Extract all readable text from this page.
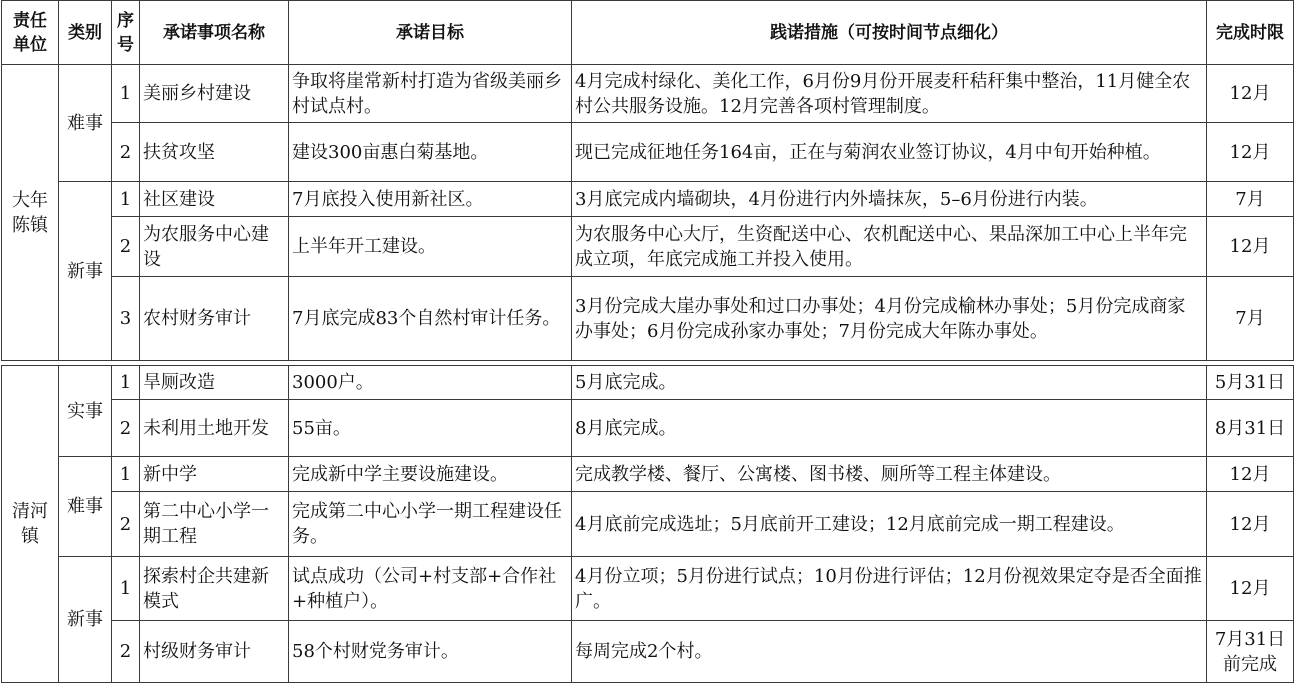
责任单位	类别	序号	承诺事项名称	承诺目标	践诺措施（可按时间节点细化）	完成时限
大年陈镇	难事	1	美丽乡村建设	争取将崖常新村打造为省级美丽乡村试点村。	4月完成村绿化、美化工作，6月份9月份开展麦秆秸秆集中整治，11月健全农村公共服务设施。12月完善各项村管理制度。	12月
		2	扶贫攻坚	建设300亩惠白菊基地。	现已完成征地任务164亩，正在与菊润农业签订协议，4月中旬开始种植。	12月
	新事	1	社区建设	7月底投入使用新社区。	3月底完成内墙砌块，4月份进行内外墙抹灰，5–6月份进行内装。	7月
		2	为农服务中心建设	上半年开工建设。	为农服务中心大厅，生资配送中心、农机配送中心、果品深加工中心上半年完成立项，年底完成施工并投入使用。	12月
		3	农村财务审计	7月底完成83个自然村审计任务。	3月份完成大崖办事处和过口办事处；4月份完成榆林办事处；5月份完成商家办事处；6月份完成孙家办事处；7月份完成大年陈办事处。	7月
清河镇	实事	1	旱厕改造	3000户。	5月底完成。	5月31日
		2	未利用土地开发	55亩。	8月底完成。	8月31日
	难事	1	新中学	完成新中学主要设施建设。	完成教学楼、餐厅、公寓楼、图书楼、厕所等工程主体建设。	12月
		2	第二中心小学一期工程	完成第二中心小学一期工程建设任务。	4月底前完成选址；5月底前开工建设；12月底前完成一期工程建设。	12月
	新事	1	探索村企共建新模式	试点成功（公司+村支部+合作社+种植户）。	4月份立项；5月份进行试点；10月份进行评估；12月份视效果定夺是否全面推广。	12月
		2	村级财务审计	58个村财党务审计。	每周完成2个村。	7月31日前完成
